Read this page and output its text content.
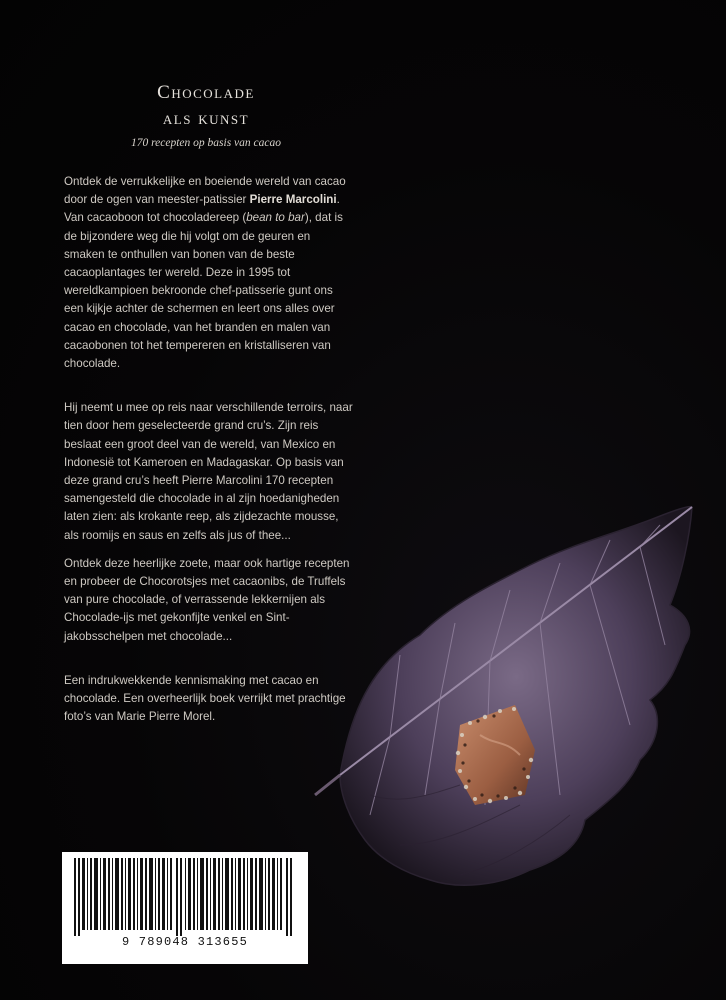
Chocolade
als kunst
170 recepten op basis van cacao

Ontdek de verrukkelijke en boeiende wereld van cacao door de ogen van meester-patissier Pierre Marcolini. Van cacaoboon tot chocoladereep (bean to bar), dat is de bijzondere weg die hij volgt om de geuren en smaken te onthullen van bonen van de beste cacaoplantages ter wereld. Deze in 1995 tot wereldkampioen bekroonde chef-patisserie gunt ons een kijkje achter de schermen en leert ons alles over cacao en chocolade, van het branden en malen van cacaobonen tot het tempereren en kristalliseren van chocolade.

Hij neemt u mee op reis naar verschillende terroirs, naar tien door hem geselecteerde grand cru’s. Zijn reis beslaat een groot deel van de wereld, van Mexico en Indonesië tot Kameroen en Madagaskar. Op basis van deze grand cru’s heeft Pierre Marcolini 170 recepten samengesteld die chocolade in al zijn hoedanigheden laten zien: als krokante reep, als zijdezachte mousse, als roomijs en saus en zelfs als jus of thee...

Ontdek deze heerlijke zoete, maar ook hartige recepten en probeer de Chocorotsjes met cacaonibs, de Truffels van pure chocolade, of verrassende lekkernijen als Chocolade-ijs met gekonfijte venkel en Sint-jakobsschelpen met chocolade...

Een indrukwekkende kennismaking met cacao en chocolade. Een overheerlijk boek verrijkt met prachtige foto’s van Marie Pierre Morel.

9 789048 313655
